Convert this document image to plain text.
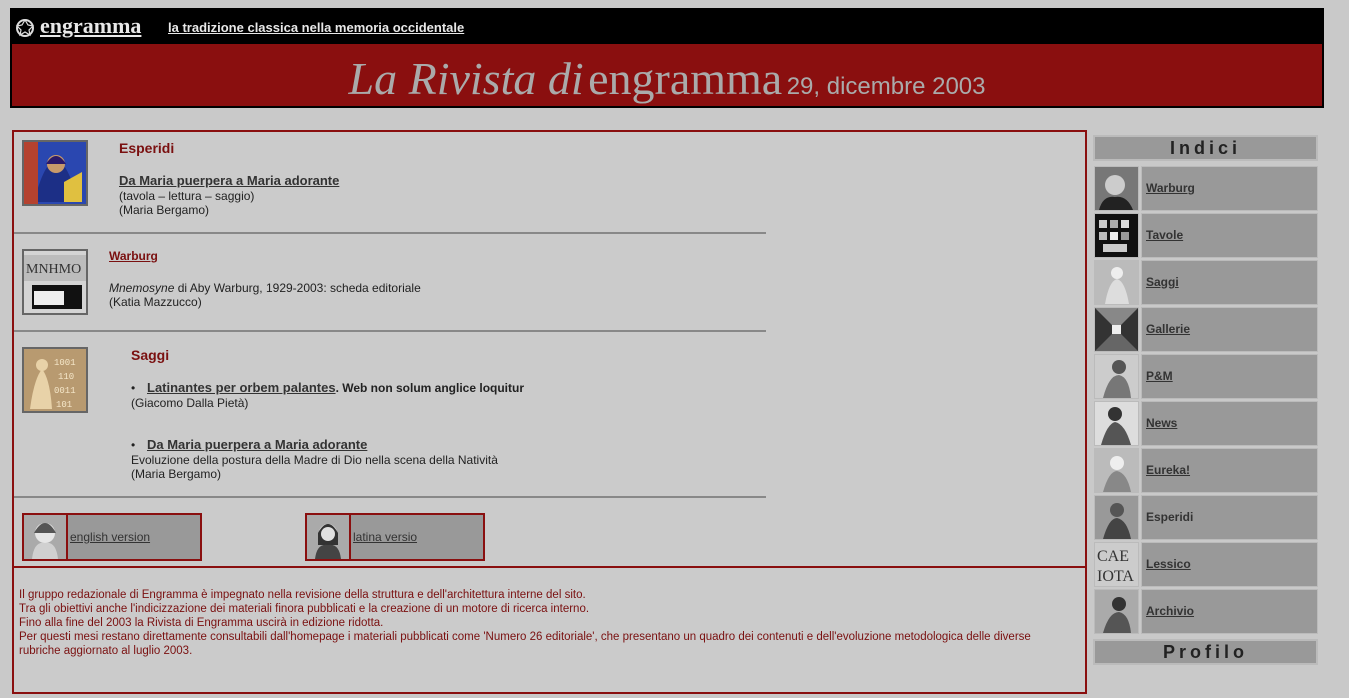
engramma la tradizione classica nella memoria occidentale
La Rivista di engramma 29, dicembre 2003
Esperidi
Da Maria puerpera a Maria adorante
(tavola – lettura – saggio)
(Maria Bergamo)
MNHMO
Warburg
Mnemosyne di Aby Warburg, 1929-2003: scheda editoriale
(Katia Mazzucco)
1001
110
0011
101
Saggi
• Latinantes per orbem palantes. Web non solum anglice loquitur
(Giacomo Dalla Pietà)
• Da Maria puerpera a Maria adorante
Evoluzione della postura della Madre di Dio nella scena della Natività
(Maria Bergamo)
english version	latina versio

Il gruppo redazionale di Engramma è impegnato nella revisione della struttura e dell'architettura interne del sito.

Tra gli obiettivi anche l'indicizzazione dei materiali finora pubblicati e la creazione di un motore di ricerca interno.

Fino alla fine del 2003 la Rivista di Engramma uscirà in edizione ridotta.

Per questi mesi restano direttamente consultabili dall'homepage i materiali pubblicati come 'Numero 26 editoriale', che presentano un quadro dei contenuti e dell'evoluzione metodologica delle diverse

rubriche aggiornato al luglio 2003.

Indici
Warburg
Tavole
Saggi
Gallerie
P&M
News
Eureka!
Esperidi
CAE
ΙΟΤΑ
Lessico
Archivio
Profilo
